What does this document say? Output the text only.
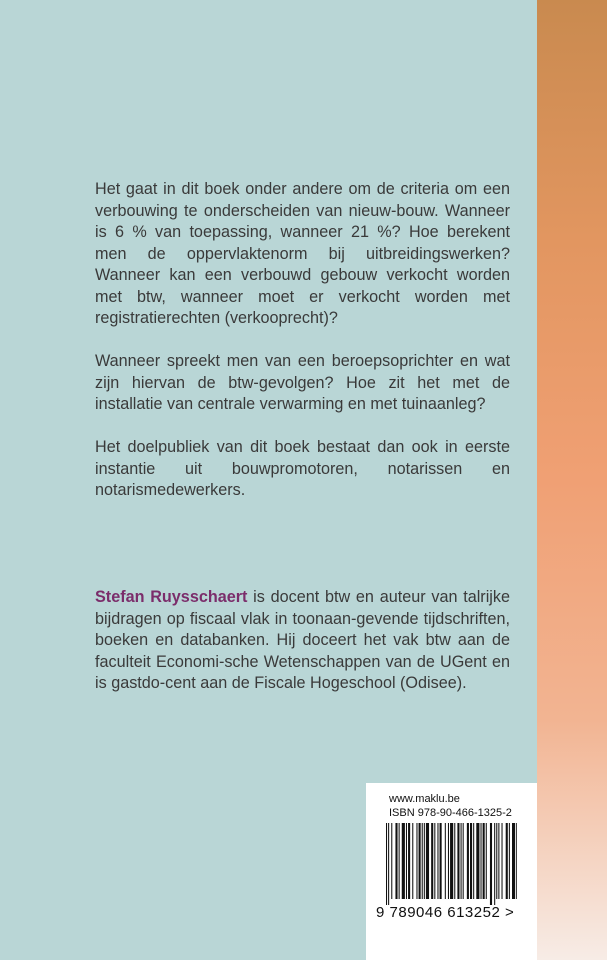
Het gaat in dit boek onder andere om de criteria om een verbouwing te onderscheiden van nieuw-bouw. Wanneer is 6 % van toepassing, wanneer 21 %? Hoe berekent men de oppervlaktenorm bij uitbreidingswerken? Wanneer kan een verbouwd gebouw verkocht worden met btw, wanneer moet er verkocht worden met registratierechten (verkooprecht)?

Wanneer spreekt men van een beroepsoprichter en wat zijn hiervan de btw-gevolgen? Hoe zit het met de installatie van centrale verwarming en met tuinaanleg?

Het doelpubliek van dit boek bestaat dan ook in eerste instantie uit bouwpromotoren, notarissen en notarismedewerkers.

Stefan Ruysschaert is docent btw en auteur van talrijke bijdragen op fiscaal vlak in toonaan-gevende tijdschriften, boeken en databanken. Hij doceert het vak btw aan de faculteit Economi-sche Wetenschappen van de UGent en is gastdo-cent aan de Fiscale Hogeschool (Odisee).

www.maklu.be
ISBN 978-90-466-1325-2
9 789046 613252 >
